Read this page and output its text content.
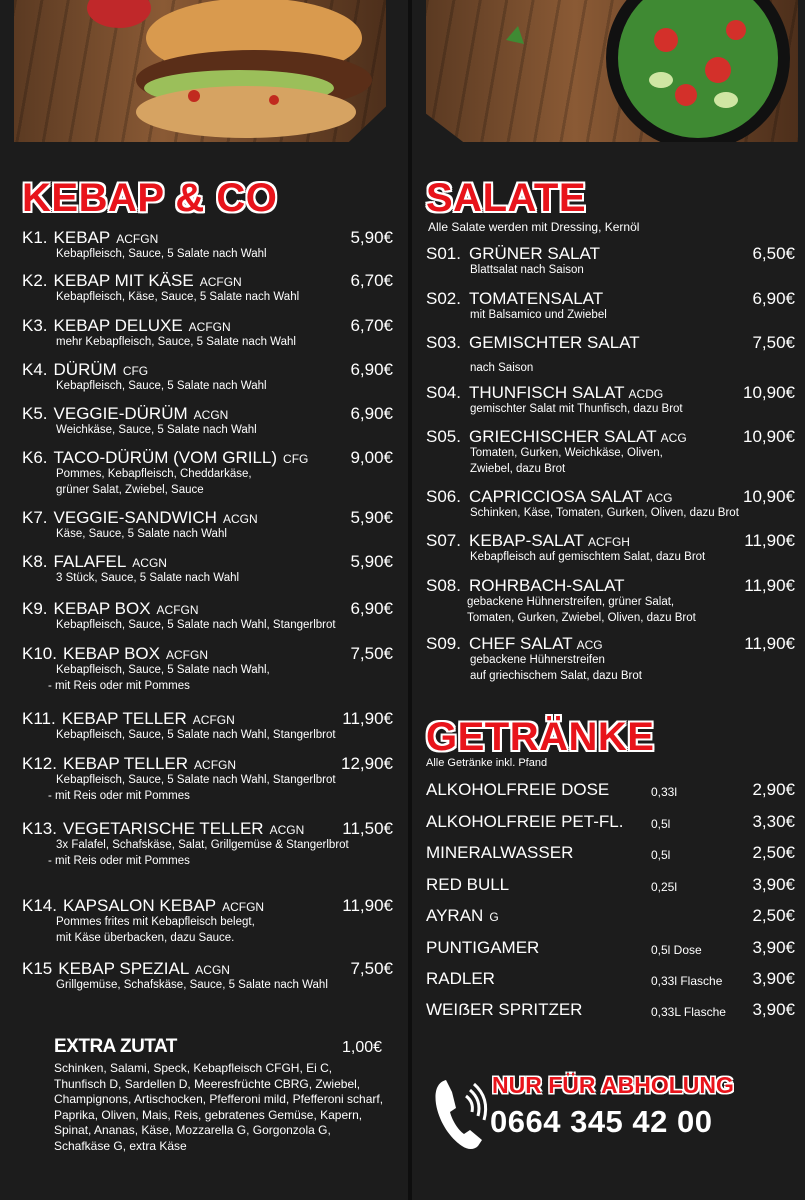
KEBAP & CO
K1. KEBAP ACFGN	5,90€
Kebapfleisch, Sauce, 5 Salate nach Wahl
K2. KEBAP MIT KÄSE ACFGN	6,70€
Kebapfleisch, Käse, Sauce, 5 Salate nach Wahl
K3. KEBAP DELUXE ACFGN	6,70€
mehr Kebapfleisch, Sauce, 5 Salate nach Wahl
K4. DÜRÜM CFG	6,90€
Kebapfleisch, Sauce, 5 Salate nach Wahl
K5. VEGGIE-DÜRÜM ACGN	6,90€
Weichkäse, Sauce, 5 Salate nach Wahl
K6. TACO-DÜRÜM (VOM GRILL) CFG 9,00€
Pommes, Kebapfleisch, Cheddarkäse,
grüner Salat, Zwiebel, Sauce
K7. VEGGIE-SANDWICH ACGN	5,90€
Käse, Sauce, 5 Salate nach Wahl
K8. FALAFEL ACGN	5,90€
3 Stück, Sauce, 5 Salate nach Wahl
K9. KEBAP BOX ACFGN	6,90€
Kebapfleisch, Sauce, 5 Salate nach Wahl, Stangerlbrot
K10. KEBAP BOX ACFGN	7,50€
Kebapfleisch, Sauce, 5 Salate nach Wahl,
- mit Reis oder mit Pommes
K11. KEBAP TELLER ACFGN	11,90€
Kebapfleisch, Sauce, 5 Salate nach Wahl, Stangerlbrot
K12. KEBAP TELLER ACFGN	12,90€
Kebapfleisch, Sauce, 5 Salate nach Wahl, Stangerlbrot
- mit Reis oder mit Pommes
K13. VEGETARISCHE TELLER ACGN 11,50€
3x Falafel, Schafskäse, Salat, Grillgemüse & Stangerlbrot
- mit Reis oder mit Pommes
K14. KAPSALON KEBAP ACFGN	11,90€
Pommes frites mit Kebapfleisch belegt,
mit Käse überbacken, dazu Sauce.
K15 KEBAP SPEZIAL ACGN	7,50€
Grillgemüse, Schafskäse, Sauce, 5 Salate nach Wahl
EXTRA ZUTAT	1,00€
Schinken, Salami, Speck, Kebapfleisch CFGH, Ei C, Thunfisch D, Sardellen D, Meeresfrüchte CBRG, Zwiebel, Champignons, Artischocken, Pfefferoni mild, Pfefferoni scharf, Paprika, Oliven, Mais, Reis, gebratenes Gemüse, Kapern, Spinat, Ananas, Käse, Mozzarella G, Gorgonzola G, Schafkäse G, extra Käse
SALATE
Alle Salate werden mit Dressing, Kernöl
S01. GRÜNER SALAT	6,50€
Blattsalat nach Saison
S02. TOMATENSALAT	6,90€
mit Balsamico und Zwiebel
S03. GEMISCHTER SALAT	7,50€
nach Saison
S04. THUNFISCH SALAT ACDG	10,90€
gemischter Salat mit Thunfisch, dazu Brot
S05. GRIECHISCHER SALAT ACG	10,90€
Tomaten, Gurken, Weichkäse, Oliven,
Zwiebel, dazu Brot
S06. CAPRICCIOSA SALAT ACG	10,90€
Schinken, Käse, Tomaten, Gurken, Oliven, dazu Brot
S07. KEBAP-SALAT ACFGH	11,90€
Kebapfleisch auf gemischtem Salat, dazu Brot
S08. ROHRBACH-SALAT	11,90€
gebackene Hühnerstreifen, grüner Salat,
Tomaten, Gurken, Zwiebel, Oliven, dazu Brot
S09. CHEF SALAT ACG	11,90€
gebackene Hühnerstreifen
auf griechischem Salat, dazu Brot
GETRÄNKE
Alle Getränke inkl. Pfand
ALKOHOLFREIE DOSE	0,33l	2,90€
ALKOHOLFREIE PET-FL. 0,5l	3,30€
MINERALWASSER	0,5l	2,50€
RED BULL	0,25l	3,90€
AYRAN G	2,50€
PUNTIGAMER	0,5l Dose	3,90€
RADLER	0,33l Flasche 3,90€
WEIẞER SPRITZER	0,33L Flasche 3,90€
NUR FÜR ABHOLUNG
0664 345 42 00
